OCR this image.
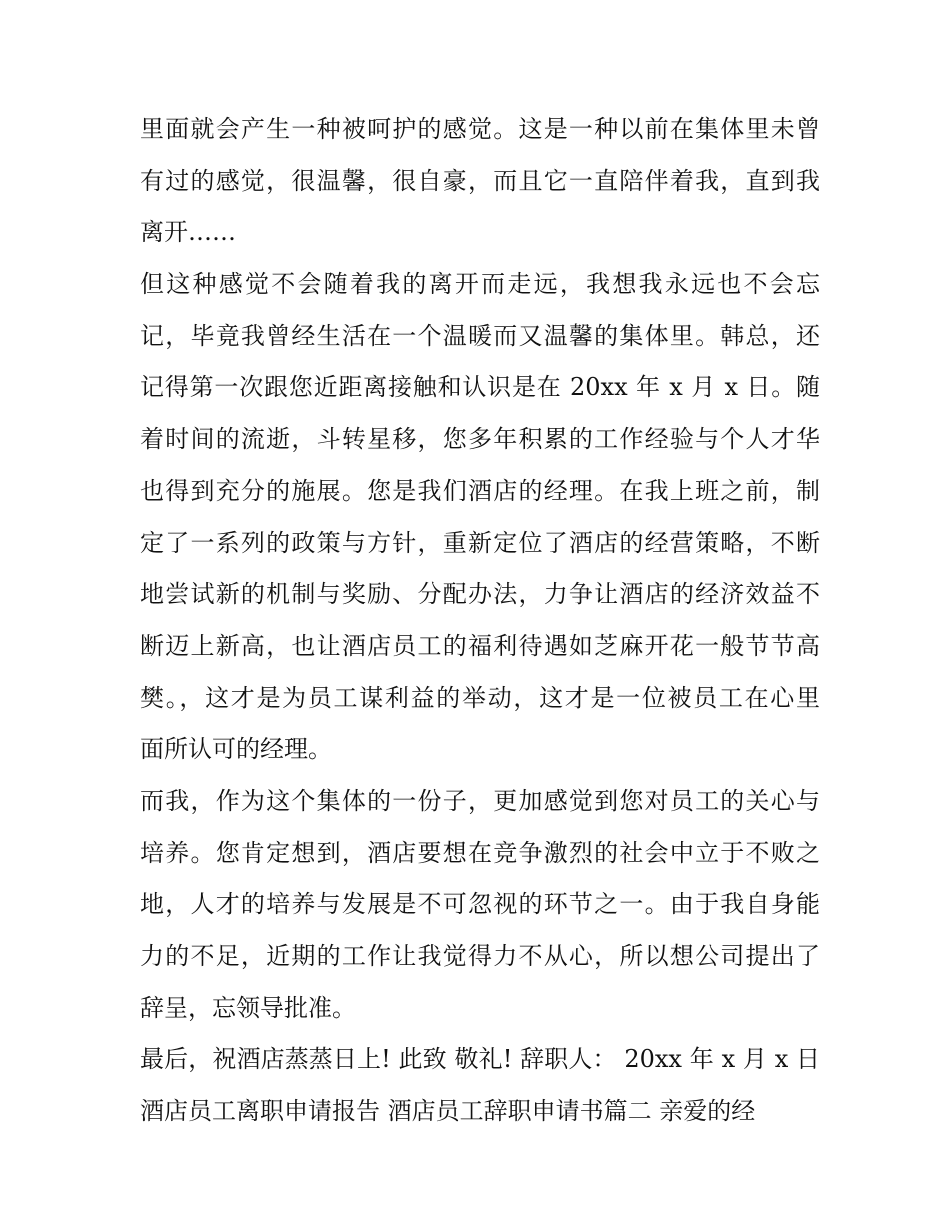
里面就会产生一种被呵护的感觉。这是一种以前在集体里未曾
有过的感觉，很温馨，很自豪，而且它一直陪伴着我，直到我
离开……
但这种感觉不会随着我的离开而走远，我想我永远也不会忘
记，毕竟我曾经生活在一个温暖而又温馨的集体里。韩总，还
记得第一次跟您近距离接触和认识是在 20xx 年 x 月 x 日。随
着时间的流逝，斗转星移，您多年积累的工作经验与个人才华
也得到充分的施展。您是我们酒店的经理。在我上班之前，制
定了一系列的政策与方针，重新定位了酒店的经营策略，不断
地尝试新的机制与奖励、分配办法，力争让酒店的经济效益不
断迈上新高，也让酒店员工的福利待遇如芝麻开花一般节节高
樊。，这才是为员工谋利益的举动，这才是一位被员工在心里
面所认可的经理。
而我，作为这个集体的一份子，更加感觉到您对员工的关心与
培养。您肯定想到，酒店要想在竞争激烈的社会中立于不败之
地，人才的培养与发展是不可忽视的环节之一。由于我自身能
力的不足，近期的工作让我觉得力不从心，所以想公司提出了
辞呈，忘领导批准。
最后，祝酒店蒸蒸日上! 此致 敬礼! 辞职人： 20xx 年 x 月 x 日
酒店员工离职申请报告 酒店员工辞职申请书篇二 亲爱的经
